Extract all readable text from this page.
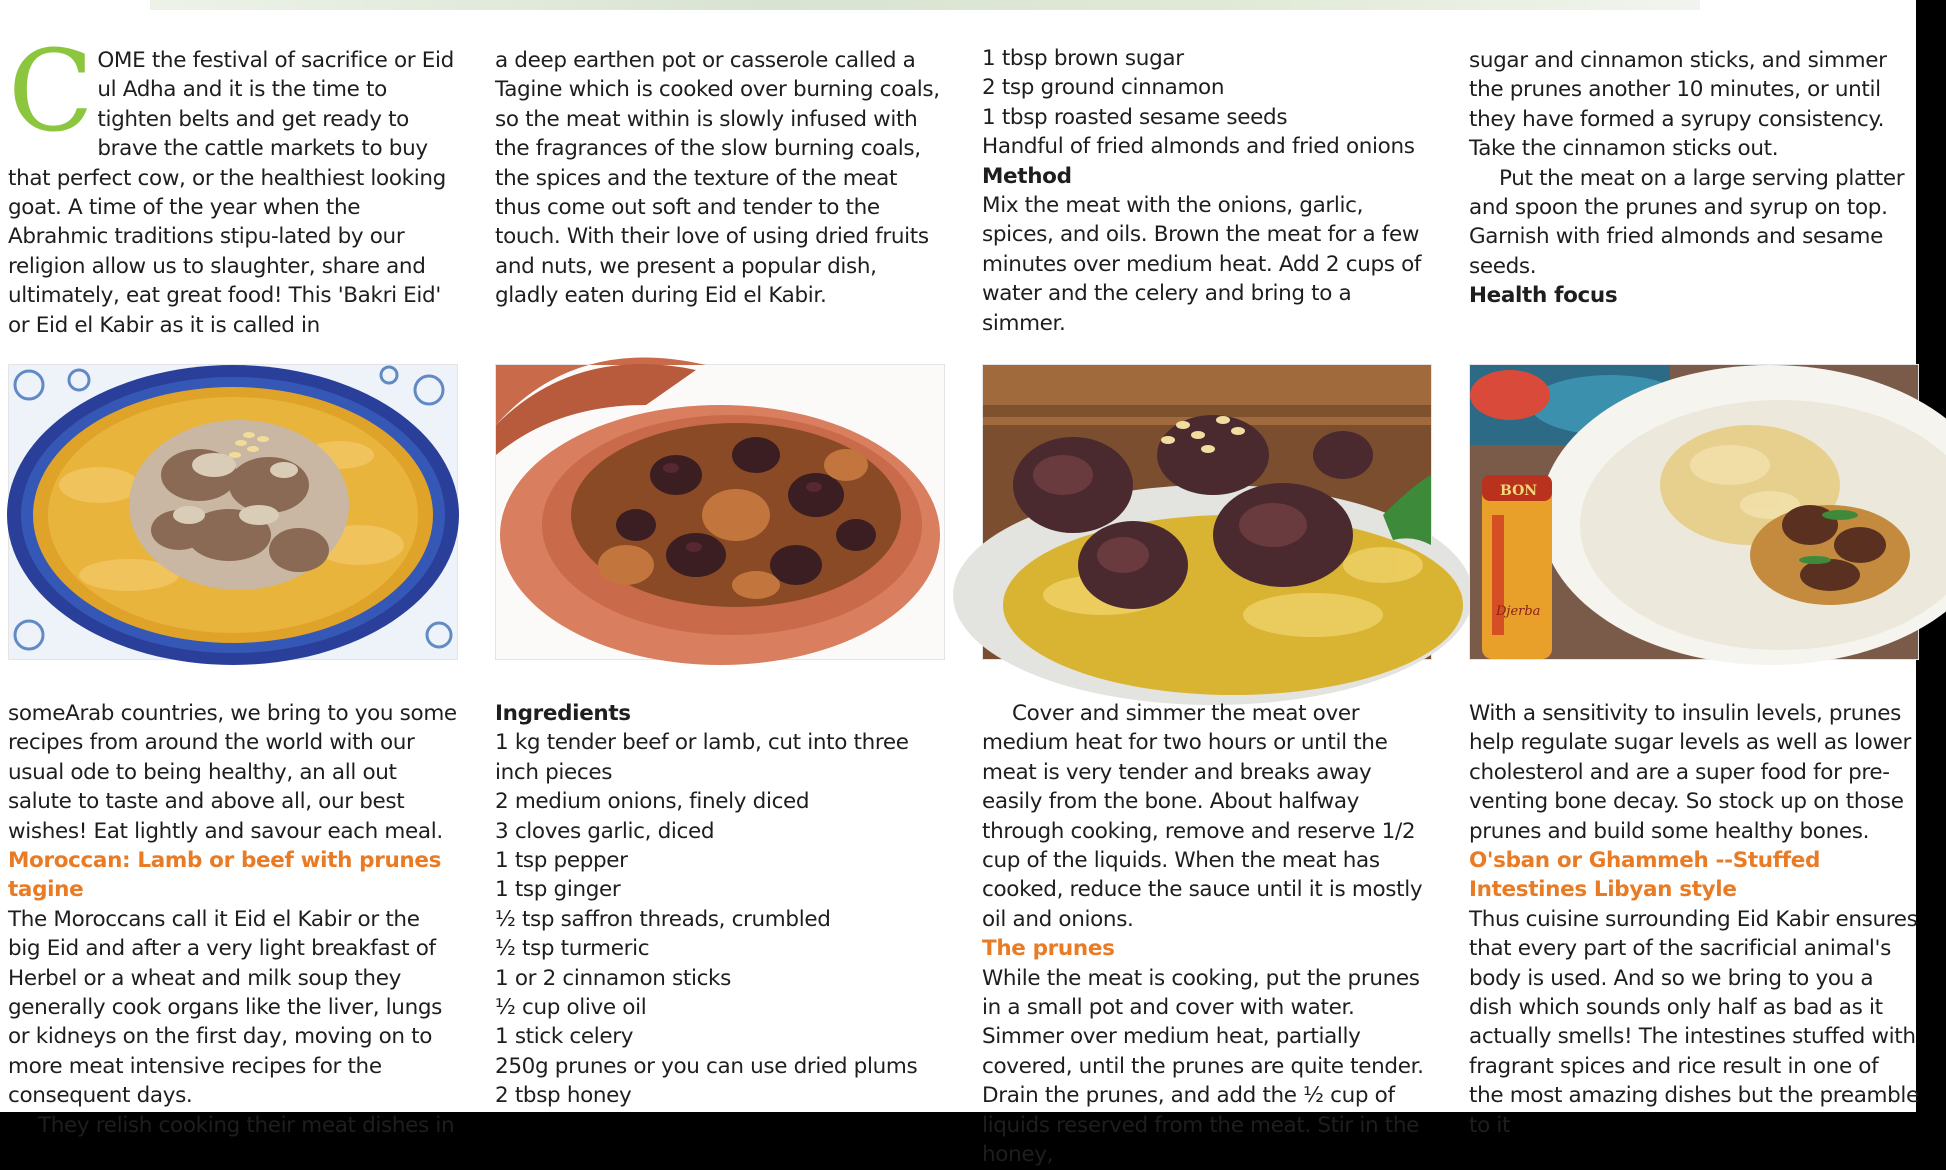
COME the festival of sacrifice or Eid ul Adha and it is the time to tighten belts and get ready to brave the cattle markets to buy that perfect cow, or the healthiest looking goat. A time of the year when the Abrahmic traditions stipu-lated by our religion allow us to slaughter, share and ultimately, eat great food! This 'Bakri Eid' or Eid el Kabir as it is called in

a deep earthen pot or casserole called a Tagine which is cooked over burning coals, so the meat within is slowly infused with the fragrances of the slow burning coals, the spices and the texture of the meat thus come out soft and tender to the touch. With their love of using dried fruits and nuts, we present a popular dish, gladly eaten during Eid el Kabir.

1 tbsp brown sugar

2 tsp ground cinnamon

1 tbsp roasted sesame seeds

Handful of fried almonds and fried onions

Method

Mix the meat with the onions, garlic, spices, and oils. Brown the meat for a few minutes over medium heat. Add 2 cups of water and the celery and bring to a simmer.

sugar and cinnamon sticks, and simmer the prunes another 10 minutes, or until they have formed a syrupy consistency. Take the cinnamon sticks out.

Put the meat on a large serving platter and spoon the prunes and syrup on top. Garnish with fried almonds and sesame seeds.

Health focus

BON
Djerba

someArab countries, we bring to you some recipes from around the world with our usual ode to being healthy, an all out salute to taste and above all, our best wishes! Eat lightly and savour each meal.

Moroccan: Lamb or beef with prunes tagine

The Moroccans call it Eid el Kabir or the big Eid and after a very light breakfast of Herbel or a wheat and milk soup they generally cook organs like the liver, lungs or kidneys on the first day, moving on to more meat intensive recipes for the consequent days.

They relish cooking their meat dishes in

Ingredients

1 kg tender beef or lamb, cut into three inch pieces

2 medium onions, finely diced

3 cloves garlic, diced

1 tsp pepper

1 tsp ginger

½ tsp saffron threads, crumbled

½ tsp turmeric

1 or 2 cinnamon sticks

½ cup olive oil

1 stick celery

250g prunes or you can use dried plums

2 tbsp honey

Cover and simmer the meat over medium heat for two hours or until the meat is very tender and breaks away easily from the bone. About halfway through cooking, remove and reserve 1/2 cup of the liquids. When the meat has cooked, reduce the sauce until it is mostly oil and onions.

The prunes

While the meat is cooking, put the prunes in a small pot and cover with water. Simmer over medium heat, partially covered, until the prunes are quite tender. Drain the prunes, and add the ½ cup of liquids reserved from the meat. Stir in the honey,

With a sensitivity to insulin levels, prunes help regulate sugar levels as well as lower cholesterol and are a super food for pre-venting bone decay. So stock up on those prunes and build some healthy bones.

O'sban or Ghammeh --Stuffed Intestines Libyan style

Thus cuisine surrounding Eid Kabir ensures that every part of the sacrificial animal's body is used. And so we bring to you a dish which sounds only half as bad as it actually smells! The intestines stuffed with fragrant spices and rice result in one of the most amazing dishes but the preamble to it
